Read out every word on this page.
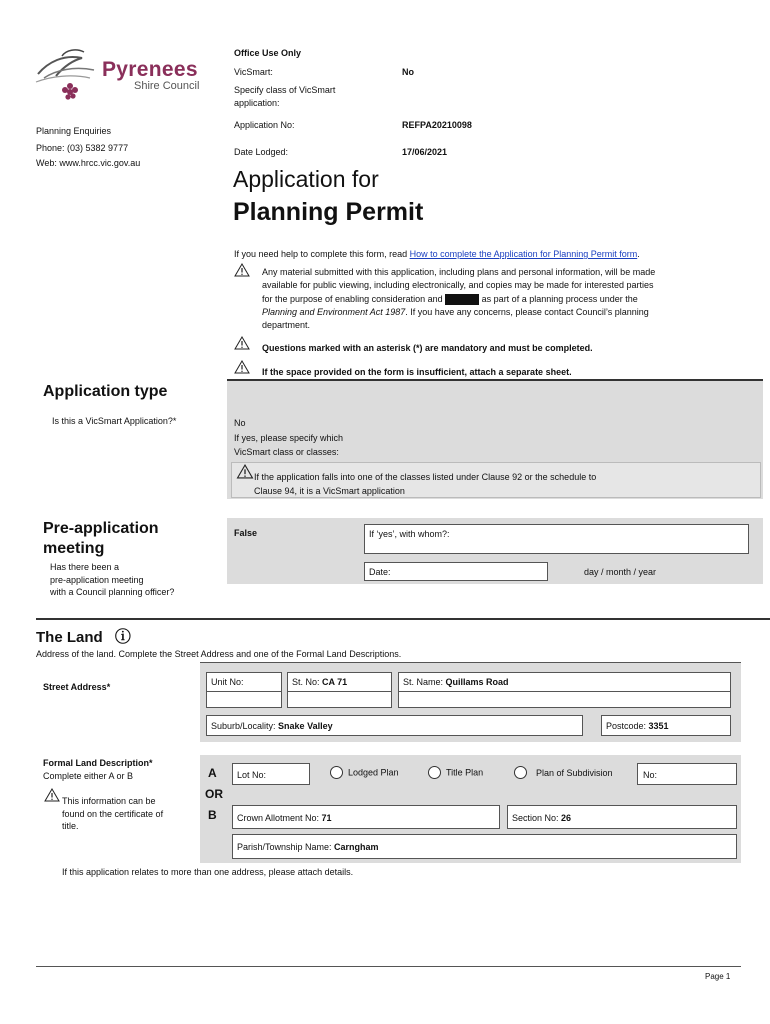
Pyrenees
Shire Council
Planning Enquiries
Phone: (03) 5382 9777
Web: www.hrcc.vic.gov.au
Office Use Only
VicSmart:	No
Specify class of VicSmart
application:
Application No:	REFPA20210098
Date Lodged:	17/06/2021
Application for
Planning Permit
If you need help to complete this form, read How to complete the Application for Planning Permit form.
Any material submitted with this application, including plans and personal information, will be made
available for public viewing, including electronically, and copies may be made for interested parties
for the purpose of enabling consideration and	as part of a planning process under the
Planning and Environment Act 1987. If you have any concerns, please contact Council’s planning
department.
Questions marked with an asterisk (*) are mandatory and must be completed.
If the space provided on the form is insufficient, attach a separate sheet.
Application type
Is this a VicSmart Application?*	No
If yes, please specify which
VicSmart class or classes:
If the application falls into one of the classes listed under Clause 92 or the schedule to
Clause 94, it is a VicSmart application
Pre-application
meeting
Has there been a
pre-application meeting
with a Council planning officer?
False	If ‘yes’, with whom?:
Date:	day / month / year
The Land ⓘ
Address of the land. Complete the Street Address and one of the Formal Land Descriptions.
Street Address*	Unit No:	St. No: CA 71	St. Name: Quillams Road
Suburb/Locality: Snake Valley	Postcode: 3351
Formal Land Description*
Complete either A or B
This information can be
found on the certificate of
title.
A
OR
B
Lot No:	Lodged Plan	Title Plan	Plan of Subdivision	No:
Crown Allotment No: 71	Section No: 26
Parish/Township Name: Carngham
If this application relates to more than one address, please attach details.
Page 1
